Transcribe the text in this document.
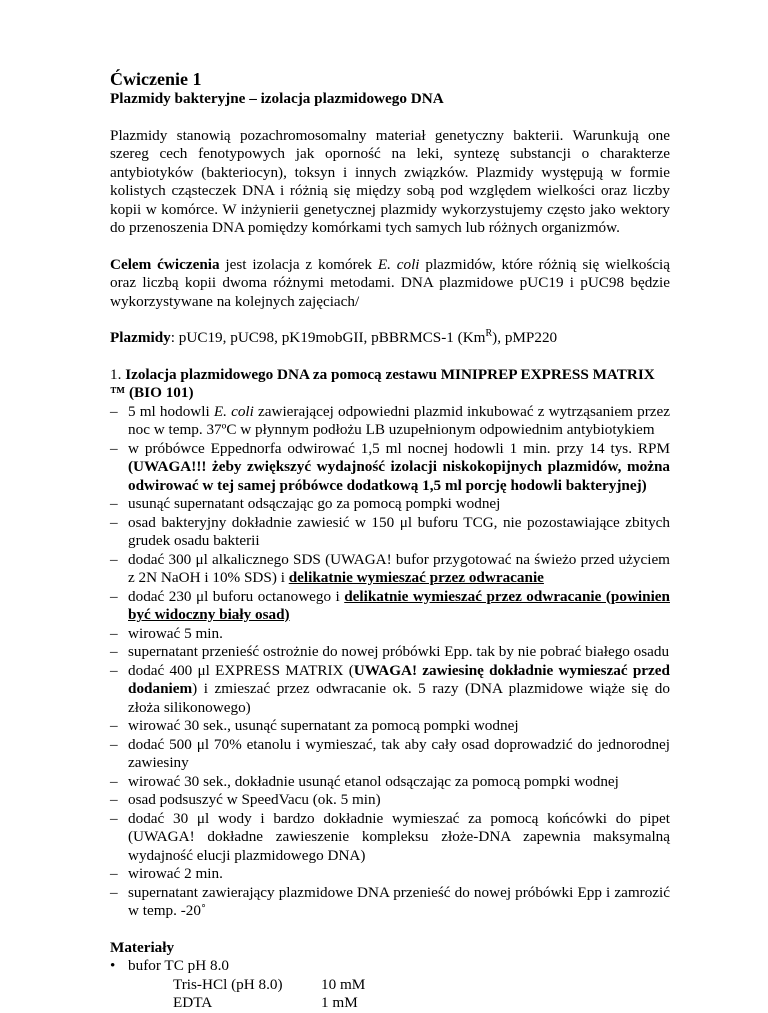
Ćwiczenie 1
Plazmidy bakteryjne – izolacja plazmidowego DNA

Plazmidy stanowią pozachromosomalny materiał genetyczny bakterii. Warunkują one szereg cech fenotypowych jak oporność na leki, syntezę substancji o charakterze antybiotyków (bakteriocyn), toksyn i innych związków. Plazmidy występują w formie kolistych cząsteczek DNA i różnią się między sobą pod względem wielkości oraz liczby kopii w komórce. W inżynierii genetycznej plazmidy wykorzystujemy często jako wektory do przenoszenia DNA pomiędzy komórkami tych samych lub różnych organizmów.

Celem ćwiczenia jest izolacja z komórek E. coli plazmidów, które różnią się wielkością oraz liczbą kopii dwoma różnymi metodami. DNA plazmidowe pUC19 i pUC98 będzie wykorzystywane na kolejnych zajęciach/

Plazmidy: pUC19, pUC98, pK19mobGII, pBBRMCS-1 $(Km^R)$, pMP220

1. Izolacja plazmidowego DNA za pomocą zestawu MINIPREP EXPRESS MATRIX ™ (BIO 101)
– 5 ml hodowli E. coli zawierającej odpowiedni plazmid inkubować z wytrząsaniem przez noc w temp. 37ºC w płynnym podłożu LB uzupełnionym odpowiednim antybiotykiem
– w próbówce Eppednorfa odwirować 1,5 ml nocnej hodowli 1 min. przy 14 tys. RPM (UWAGA!!! żeby zwiększyć wydajność izolacji niskokopijnych plazmidów, można odwirować w tej samej próbówce dodatkową 1,5 ml porcję hodowli bakteryjnej)
– usunąć supernatant odsączając go za pomocą pompki wodnej
– osad bakteryjny dokładnie zawiesić w 150 μl buforu TCG, nie pozostawiające zbitych grudek osadu bakterii
– dodać 300 μl alkalicznego SDS (UWAGA! bufor przygotować na świeżo przed użyciem z 2N NaOH i 10% SDS) i delikatnie wymieszać przez odwracanie
– dodać 230 μl buforu octanowego i delikatnie wymieszać przez odwracanie (powinien być widoczny biały osad)
– wirować 5 min.
– supernatant przenieść ostrożnie do nowej próbówki Epp. tak by nie pobrać białego osadu
– dodać 400 μl EXPRESS MATRIX (UWAGA! zawiesinę dokładnie wymieszać przed dodaniem) i zmieszać przez odwracanie ok. 5 razy (DNA plazmidowe wiąże się do złoża silikonowego)
– wirować 30 sek., usunąć supernatant za pomocą pompki wodnej
– dodać 500 μl 70% etanolu i wymieszać, tak aby cały osad doprowadzić do jednorodnej zawiesiny
– wirować 30 sek., dokładnie usunąć etanol odsączając za pomocą pompki wodnej
– osad podsuszyć w SpeedVacu (ok. 5 min)
– dodać 30 μl wody i bardzo dokładnie wymieszać za pomocą końcówki do pipet (UWAGA! dokładne zawieszenie kompleksu złoże-DNA zapewnia maksymalną wydajność elucji plazmidowego DNA)
– wirować 2 min.
– supernatant zawierający plazmidowe DNA przenieść do nowej próbówki Epp i zamrozić w temp. -20˚
Materiały
• bufor TC pH 8.0
Tris-HCl (pH 8.0)	10 mM
EDTA	1 mM
